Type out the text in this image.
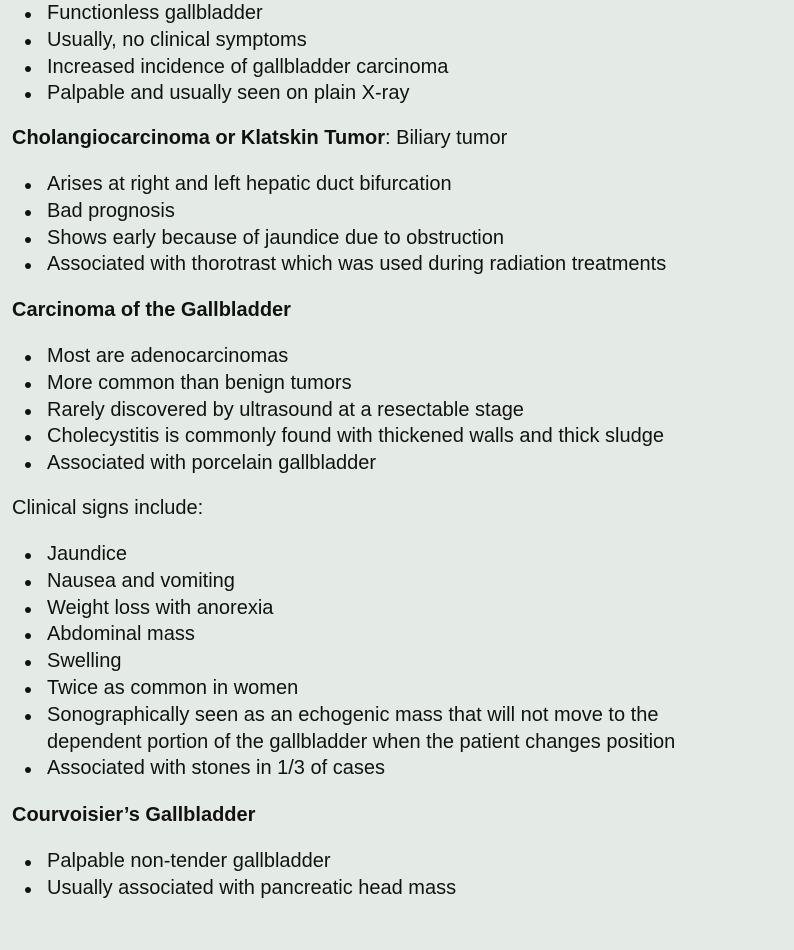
Functionless gallbladder
Usually, no clinical symptoms
Increased incidence of gallbladder carcinoma
Palpable and usually seen on plain X-ray
Cholangiocarcinoma or Klatskin Tumor: Biliary tumor
Arises at right and left hepatic duct bifurcation
Bad prognosis
Shows early because of jaundice due to obstruction
Associated with thorotrast which was used during radiation treatments
Carcinoma of the Gallbladder
Most are adenocarcinomas
More common than benign tumors
Rarely discovered by ultrasound at a resectable stage
Cholecystitis is commonly found with thickened walls and thick sludge
Associated with porcelain gallbladder
Clinical signs include:
Jaundice
Nausea and vomiting
Weight loss with anorexia
Abdominal mass
Swelling
Twice as common in women
Sonographically seen as an echogenic mass that will not move to the dependent portion of the gallbladder when the patient changes position
Associated with stones in 1/3 of cases
Courvoisier’s Gallbladder
Palpable non-tender gallbladder
Usually associated with pancreatic head mass
